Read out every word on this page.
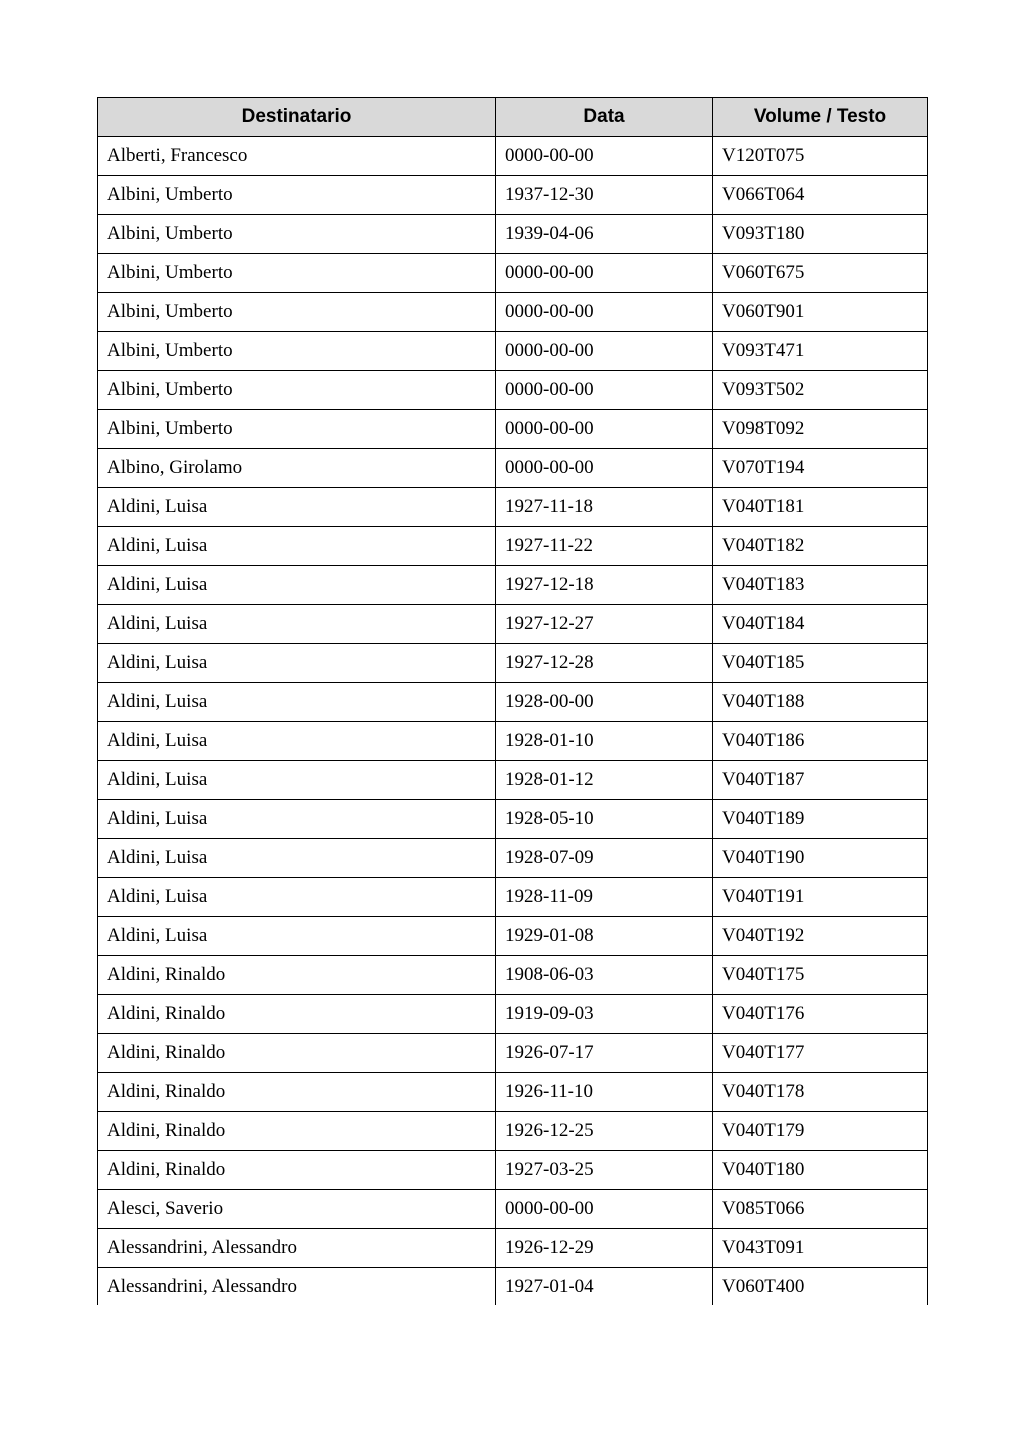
Destinatario	Data	Volume / Testo
Alberti, Francesco	0000-00-00	V120T075
Albini, Umberto	1937-12-30	V066T064
Albini, Umberto	1939-04-06	V093T180
Albini, Umberto	0000-00-00	V060T675
Albini, Umberto	0000-00-00	V060T901
Albini, Umberto	0000-00-00	V093T471
Albini, Umberto	0000-00-00	V093T502
Albini, Umberto	0000-00-00	V098T092
Albino, Girolamo	0000-00-00	V070T194
Aldini, Luisa	1927-11-18	V040T181
Aldini, Luisa	1927-11-22	V040T182
Aldini, Luisa	1927-12-18	V040T183
Aldini, Luisa	1927-12-27	V040T184
Aldini, Luisa	1927-12-28	V040T185
Aldini, Luisa	1928-00-00	V040T188
Aldini, Luisa	1928-01-10	V040T186
Aldini, Luisa	1928-01-12	V040T187
Aldini, Luisa	1928-05-10	V040T189
Aldini, Luisa	1928-07-09	V040T190
Aldini, Luisa	1928-11-09	V040T191
Aldini, Luisa	1929-01-08	V040T192
Aldini, Rinaldo	1908-06-03	V040T175
Aldini, Rinaldo	1919-09-03	V040T176
Aldini, Rinaldo	1926-07-17	V040T177
Aldini, Rinaldo	1926-11-10	V040T178
Aldini, Rinaldo	1926-12-25	V040T179
Aldini, Rinaldo	1927-03-25	V040T180
Alesci, Saverio	0000-00-00	V085T066
Alessandrini, Alessandro	1926-12-29	V043T091
Alessandrini, Alessandro	1927-01-04	V060T400
